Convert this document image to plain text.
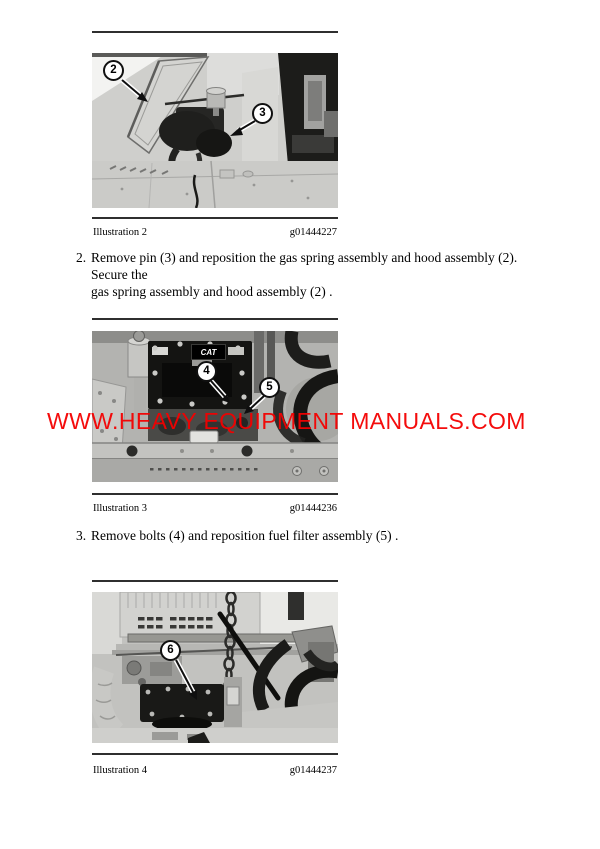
2
3
Illustration 2	g01444227
2. Remove pin (3) and reposition the gas spring assembly and hood assembly (2). Secure the
gas spring assembly and hood assembly (2) .
CAT
4
5
Illustration 3	g01444236
3. Remove bolts (4) and reposition fuel filter assembly (5) .
6
Illustration 4	g01444237
WWW.HEAVY EQUIPMENT MANUALS.COM
